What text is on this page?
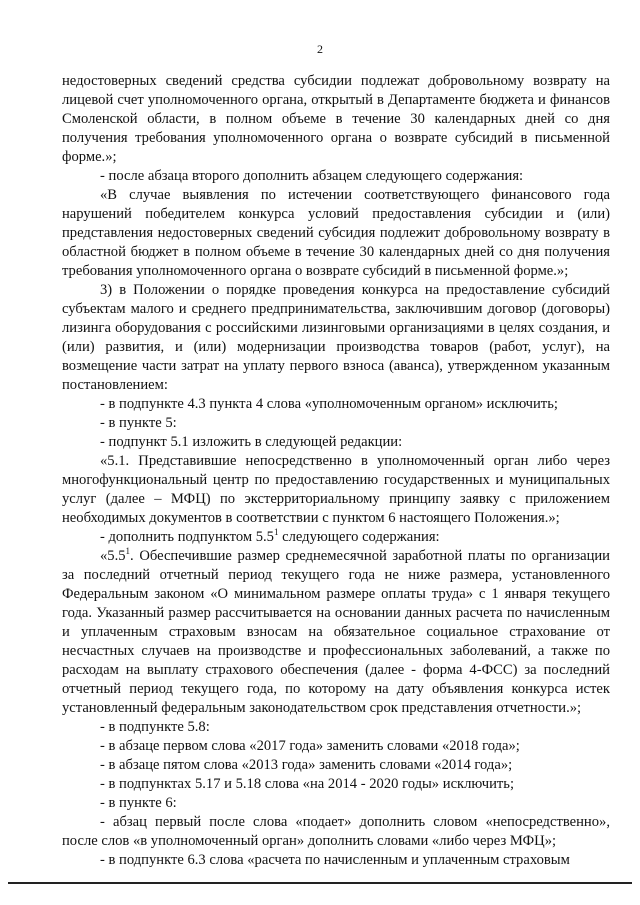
2

недостоверных сведений средства субсидии подлежат добровольному возврату на лицевой счет уполномоченного органа, открытый в Департаменте бюджета и финансов Смоленской области, в полном объеме в течение 30 календарных дней со дня получения требования уполномоченного органа о возврате субсидий в письменной форме.»;

- после абзаца второго дополнить абзацем следующего содержания:

«В случае выявления по истечении соответствующего финансового года нарушений победителем конкурса условий предоставления субсидии и (или) представления недостоверных сведений субсидия подлежит добровольному возврату в областной бюджет в полном объеме в течение 30 календарных дней со дня получения требования уполномоченного органа о возврате субсидий в письменной форме.»;

3) в Положении о порядке проведения конкурса на предоставление субсидий субъектам малого и среднего предпринимательства, заключившим договор (договоры) лизинга оборудования с российскими лизинговыми организациями в целях создания, и (или) развития, и (или) модернизации производства товаров (работ, услуг), на возмещение части затрат на уплату первого взноса (аванса), утвержденном указанным постановлением:

- в подпункте 4.3 пункта 4 слова «уполномоченным органом» исключить;

- в пункте 5:

- подпункт 5.1 изложить в следующей редакции:

«5.1. Представившие непосредственно в уполномоченный орган либо через многофункциональный центр по предоставлению государственных и муниципальных услуг (далее – МФЦ) по экстерриториальному принципу заявку с приложением необходимых документов в соответствии с пунктом 6 настоящего Положения.»;

- дополнить подпунктом $5.5^1$ следующего содержания:

«$5.5^1$. Обеспечившие размер среднемесячной заработной платы по организации за последний отчетный период текущего года не ниже размера, установленного Федеральным законом «О минимальном размере оплаты труда» с 1 января текущего года. Указанный размер рассчитывается на основании данных расчета по начисленным и уплаченным страховым взносам на обязательное социальное страхование от несчастных случаев на производстве и профессиональных заболеваний, а также по расходам на выплату страхового обеспечения (далее - форма 4-ФСС) за последний отчетный период текущего года, по которому на дату объявления конкурса истек установленный федеральным законодательством срок представления отчетности.»;

- в подпункте 5.8:

- в абзаце первом слова «2017 года» заменить словами «2018 года»;

- в абзаце пятом слова «2013 года» заменить словами «2014 года»;

- в подпунктах 5.17 и 5.18 слова «на 2014 - 2020 годы» исключить;

- в пункте 6:

- абзац первый после слова «подает» дополнить словом «непосредственно», после слов «в уполномоченный орган» дополнить словами «либо через МФЦ»;

- в подпункте 6.3 слова «расчета по начисленным и уплаченным страховым
